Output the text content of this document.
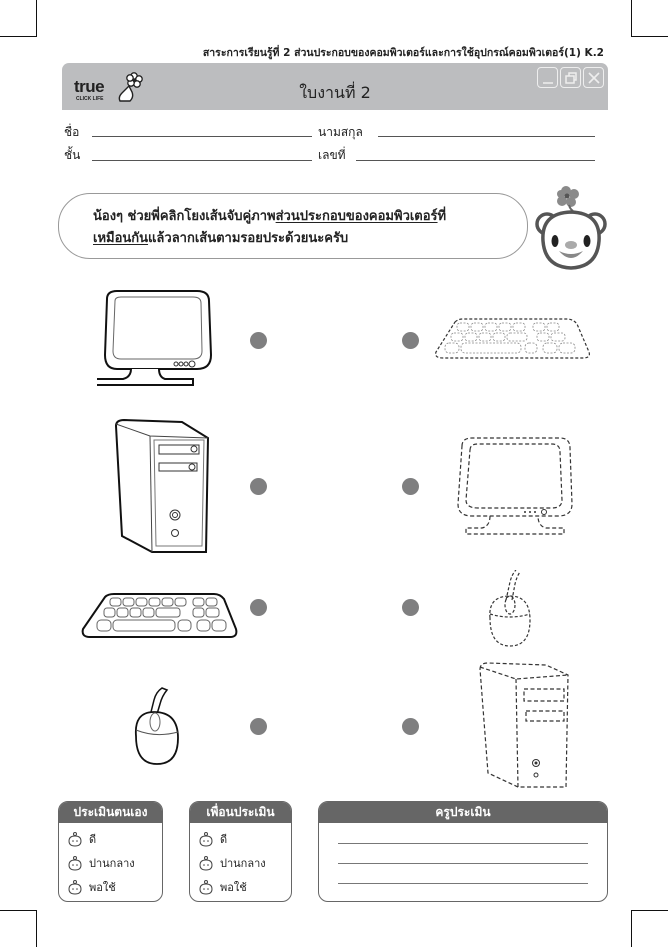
สาระการเรียนรู้ที่ 2 ส่วนประกอบของคอมพิวเตอร์และการใช้อุปกรณ์คอมพิวเตอร์(1) K.2
true
CLICK LIFE	ใบงานที่ 2
ชื่อ	นามสกุล
ชั้น	เลขที่
น้องๆ ช่วยพี่คลิกโยงเส้นจับคู่ภาพส่วนประกอบของคอมพิวเตอร์ที่
เหมือนกันแล้วลากเส้นตามรอยประด้วยนะครับ
ประเมินตนเอง
ดี
ปานกลาง
พอใช้
เพื่อนประเมิน
ดี
ปานกลาง
พอใช้
ครูประเมิน
